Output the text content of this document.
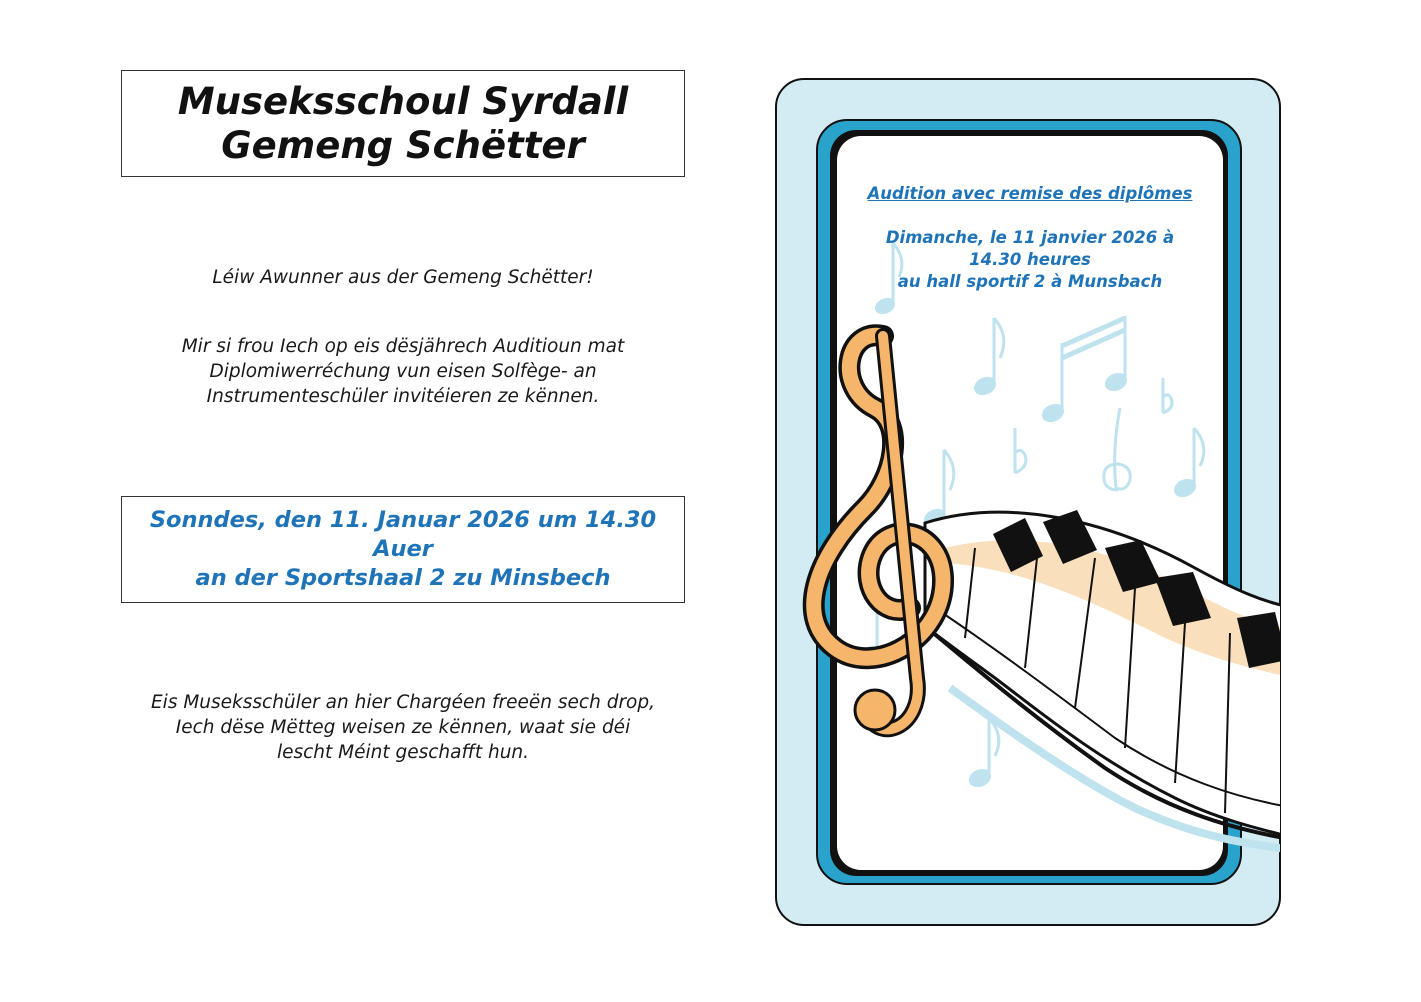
Museksschoul Syrdall
Gemeng Schëtter
Léiw Awunner aus der Gemeng Schëtter!
Mir si frou Iech op eis dësjährech Auditioun mat
Diplomiwerréchung vun eisen Solfège- an
Instrumenteschüler invitéieren ze kënnen.
Sonndes, den 11. Januar 2026 um 14.30 Auer
an der Sportshaal 2 zu Minsbech
Eis Museksschüler an hier Chargéen freeën sech drop,
Iech dëse Mëtteg weisen ze kënnen, waat sie déi
lescht Méint geschafft hun.
Audition avec remise des diplômes
Dimanche, le 11 janvier 2026 à
14.30 heures
au hall sportif 2 à Munsbach
